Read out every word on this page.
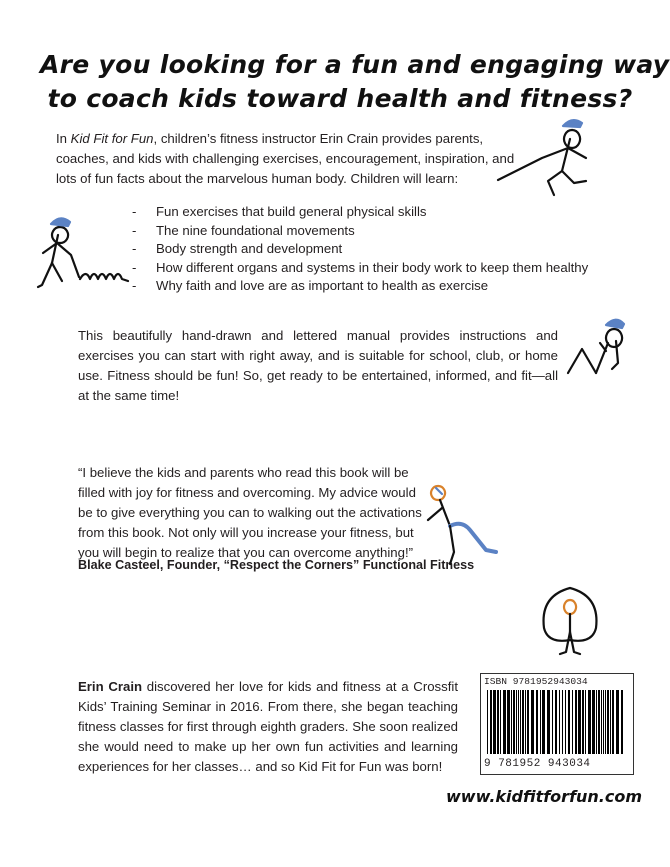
Are you looking for a fun and engaging way
to coach kids toward health and fitness?
In Kid Fit for Fun, children’s fitness instructor Erin Crain provides parents, coaches, and kids with challenging exercises, encouragement, inspiration, and lots of fun facts about the marvelous human body. Children will learn:
- Fun exercises that build general physical skills
- The nine foundational movements
- Body strength and development
- How different organs and systems in their body work to keep them healthy
- Why faith and love are as important to health as exercise
This beautifully hand-drawn and lettered manual provides instructions and exercises you can start with right away, and is suitable for school, club, or home use. Fitness should be fun! So, get ready to be entertained, informed, and fit—all at the same time!
“I believe the kids and parents who read this book will be filled with joy for fitness and overcoming. My advice would be to give everything you can to walking out the activations from this book. Not only will you increase your fitness, but you will begin to realize that you can overcome anything!”
Blake Casteel, Founder, “Respect the Corners” Functional Fitness
Erin Crain discovered her love for kids and fitness at a Crossfit Kids’ Training Seminar in 2016. From there, she began teaching fitness classes for first through eighth graders. She soon realized she would need to make up her own fun activities and learning experiences for her classes… and so Kid Fit for Fun was born!
ISBN 9781952943034
9 781952 943034
www.kidfitforfun.com
